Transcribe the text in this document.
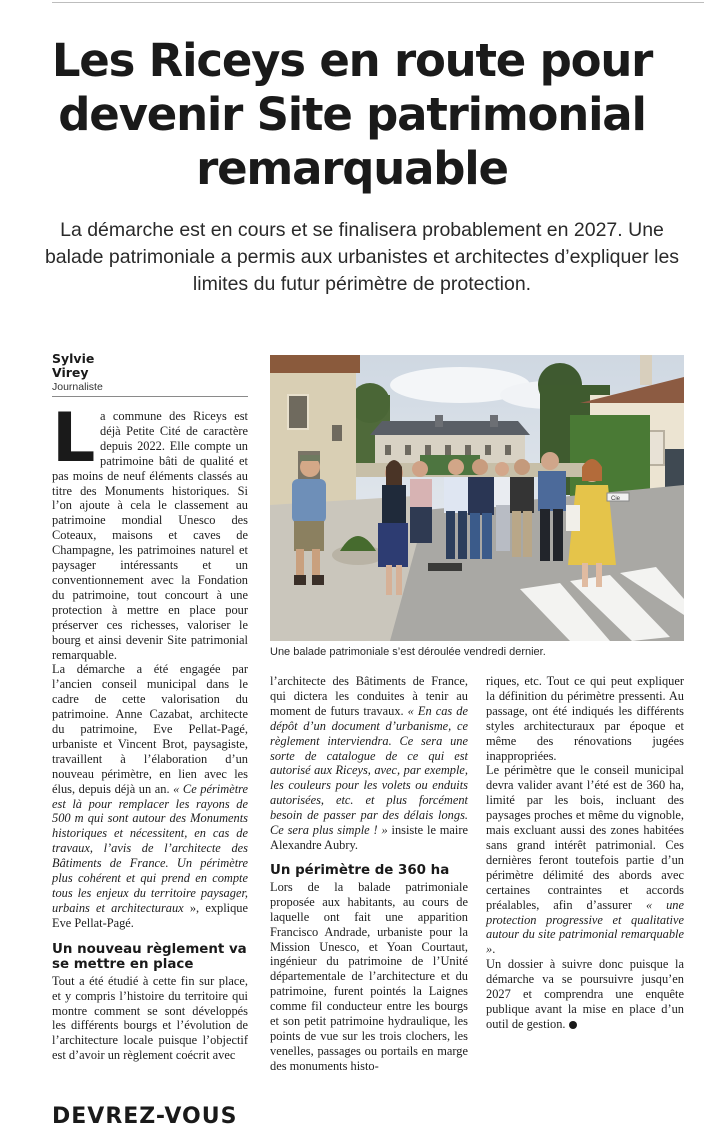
Les Riceys en route pour devenir Site patrimonial remarquable

La démarche est en cours et se finalisera probablement en 2027. Une balade patrimoniale a permis aux urbanistes et architectes d’expliquer les limites du futur périmètre de protection.

Sylvie
Virey
Journaliste

La commune des Riceys est déjà Petite Cité de caractère depuis 2022. Elle compte un patrimoine bâti de qualité et pas moins de neuf éléments classés au titre des Monuments historiques. Si l’on ajoute à cela le classement au patrimoine mondial Unesco des Coteaux, maisons et caves de Champagne, les patrimoines naturel et paysager intéressants et un conventionnement avec la Fondation du patrimoine, tout concourt à une protection à mettre en place pour préserver ces richesses, valoriser le bourg et ainsi devenir Site patrimonial remarquable.

La démarche a été engagée par l’ancien conseil municipal dans le cadre de cette valorisation du patrimoine. Anne Cazabat, architecte du patrimoine, Eve Pellat-Pagé, urbaniste et Vincent Brot, paysagiste, travaillent à l’élaboration d’un nouveau périmètre, en lien avec les élus, depuis déjà un an. « Ce périmètre est là pour remplacer les rayons de 500 m qui sont autour des Monuments historiques et nécessitent, en cas de travaux, l’avis de l’architecte des Bâtiments de France. Un périmètre plus cohérent et qui prend en compte tous les enjeux du territoire paysager, urbains et architecturaux », explique Eve Pellat-Pagé.

Un nouveau règlement va se mettre en place

Tout a été étudié à cette fin sur place, et y compris l’histoire du territoire qui montre comment se sont développés les différents bourgs et l’évolution de l’architecture locale puisque l’objectif est d’avoir un règlement coécrit avec

Cie
Une balade patrimoniale s’est déroulée vendredi dernier.

l’architecte des Bâtiments de France, qui dictera les conduites à tenir au moment de futurs travaux. « En cas de dépôt d’un document d’urbanisme, ce règlement interviendra. Ce sera une sorte de catalogue de ce qui est autorisé aux Riceys, avec, par exemple, les couleurs pour les volets ou enduits autorisées, etc. et plus forcément besoin de passer par des délais longs. Ce sera plus simple ! » insiste le maire Alexandre Aubry.

Un périmètre de 360 ha

Lors de la balade patrimoniale proposée aux habitants, au cours de laquelle ont fait une apparition Francisco Andrade, urbaniste pour la Mission Unesco, et Yoan Courtaut, ingénieur du patrimoine de l’Unité départementale de l’architecture et du patrimoine, furent pointés la Laignes comme fil conducteur entre les bourgs et son petit patrimoine hydraulique, les points de vue sur les trois clochers, les venelles, passages ou portails en marge des monuments histo-

riques, etc. Tout ce qui peut expliquer la définition du périmètre pressenti. Au passage, ont été indiqués les différents styles architecturaux par époque et même des rénovations jugées inappropriées.

Le périmètre que le conseil municipal devra valider avant l’été est de 360 ha, limité par les bois, incluant des paysages proches et même du vignoble, mais excluant aussi des zones habitées sans grand intérêt patrimonial. Ces dernières feront toutefois partie d’un périmètre délimité des abords avec certaines contraintes et accords préalables, afin d’assurer « une protection progressive et qualitative autour du site patrimonial remarquable ».

Un dossier à suivre donc puisque la démarche va se poursuivre jusqu’en 2027 et comprendra une enquête publique avant la mise en place d’un outil de gestion.

DEVREZ-VOUS
